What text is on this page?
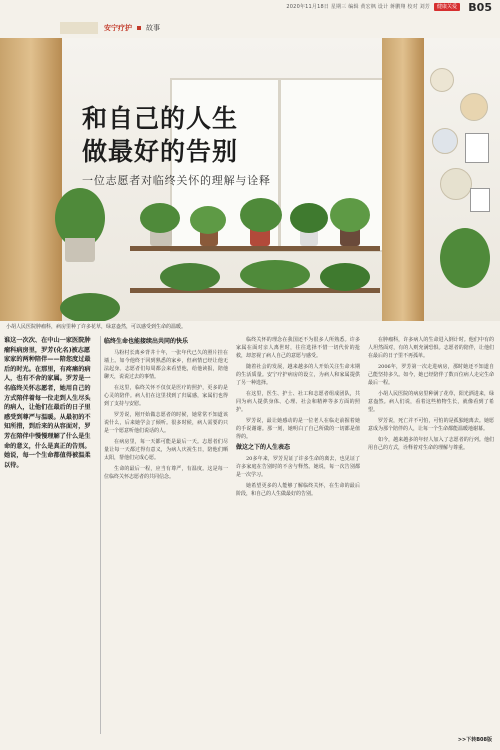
2020年11月18日 星期三 编辑 黄宏枫 设计 蒋鹏翔 校对 刘芳	健康关爱 B05
安宁疗护 故事
和自己的人生
做最好的告别
一位志愿者对临终关怀的理解与诠释
小胡人民医院肿瘤科，病房里种了许多花草，绿意盎然，可以感受到生命的温暖。
谁这一次次、在中山一家医院肿瘤科病房里，罗芳(化名)被志愿家家的两种陪伴——陪您度过最后的时光。在那里，有疼痛的病人，也有不舍的家属。罗芳是一名临终关怀志愿者，她用自己的方式陪伴着每一位走到人生尽头的病人，让他们在最后的日子里感受到尊严与温暖。从最初的不知所措，到后来的从容面对，罗芳在陪伴中慢慢理解了什么是生命的意义，什么是真正的告别。她说，每一个生命都值得被温柔以待。
临终生命也能接续出共同的快乐

马粉村长离乡背井十年，一张年代已久的照片挂在墙上。如今他终于回到熟悉的家乡，但病情已经让他无法起身。志愿者们每周都会来看望他，给他读报，陪他聊天，说说过去的事情。

在这里，临终关怀不仅仅是医疗的照护，更多的是心灵的陪伴。病人们在这里找到了归属感，家属们也得到了支持与安慰。

罗芳说，刚开始做志愿者的时候，她常常不知道该说什么，后来她学会了倾听。很多时候，病人需要的只是一个愿意听他们说话的人。

在病房里，每一天都可能是最后一天。志愿者们尽量让每一天都过得有意义，为病人庆祝生日，陪他们晒太阳，帮他们完成心愿。

生命的最后一程，应当有尊严，有温度。这是每一位临终关怀志愿者的共同信念。

临终关怀的理念在我国还不为很多人所熟悉。许多家属在面对亲人离世时，往往选择不惜一切代价的抢救，却忽视了病人自己的意愿与感受。

随着社会的发展，越来越多的人开始关注生命末期的生活质量。安宁疗护病房的设立，为病人和家属提供了另一种选择。

在这里，医生、护士、社工和志愿者组成团队，共同为病人提供身体、心理、社会和精神等多方面的照护。

罗芳说，最让她感动的是一位老人在临走前握着她的手说谢谢。那一刻，她明白了自己所做的一切都是值得的。

做这之下的人生表态

20多年来，罗芳见证了许多生命的离去，也见证了许多家庭在告别时的不舍与释然。她说，每一次告别都是一次学习。

她希望更多的人能够了解临终关怀，在生命的最后阶段，和自己的人生做最好的告别。

在肿瘤科，许多病人的生命进入倒计时。他们中有的人坦然面对，有的人则充满恐惧。志愿者的陪伴，让他们在最后的日子里不再孤单。

2006年，罗芳第一次走进病房，那时她还不知道自己能坚持多久。如今，她已经陪伴了数百位病人走完生命最后一程。

小胡人民医院的病房里种满了花草，阳光洒进来，绿意盎然。病人们说，看着这些植物生长，就像看到了希望。

罗芳说，死亡并不可怕，可怕的是孤独地离去。她愿意成为那个陪伴的人，让每一个生命都能温暖地谢幕。

如今，越来越多的年轻人加入了志愿者的行列。他们用自己的方式，诠释着对生命的理解与尊重。

>>下转B08版
